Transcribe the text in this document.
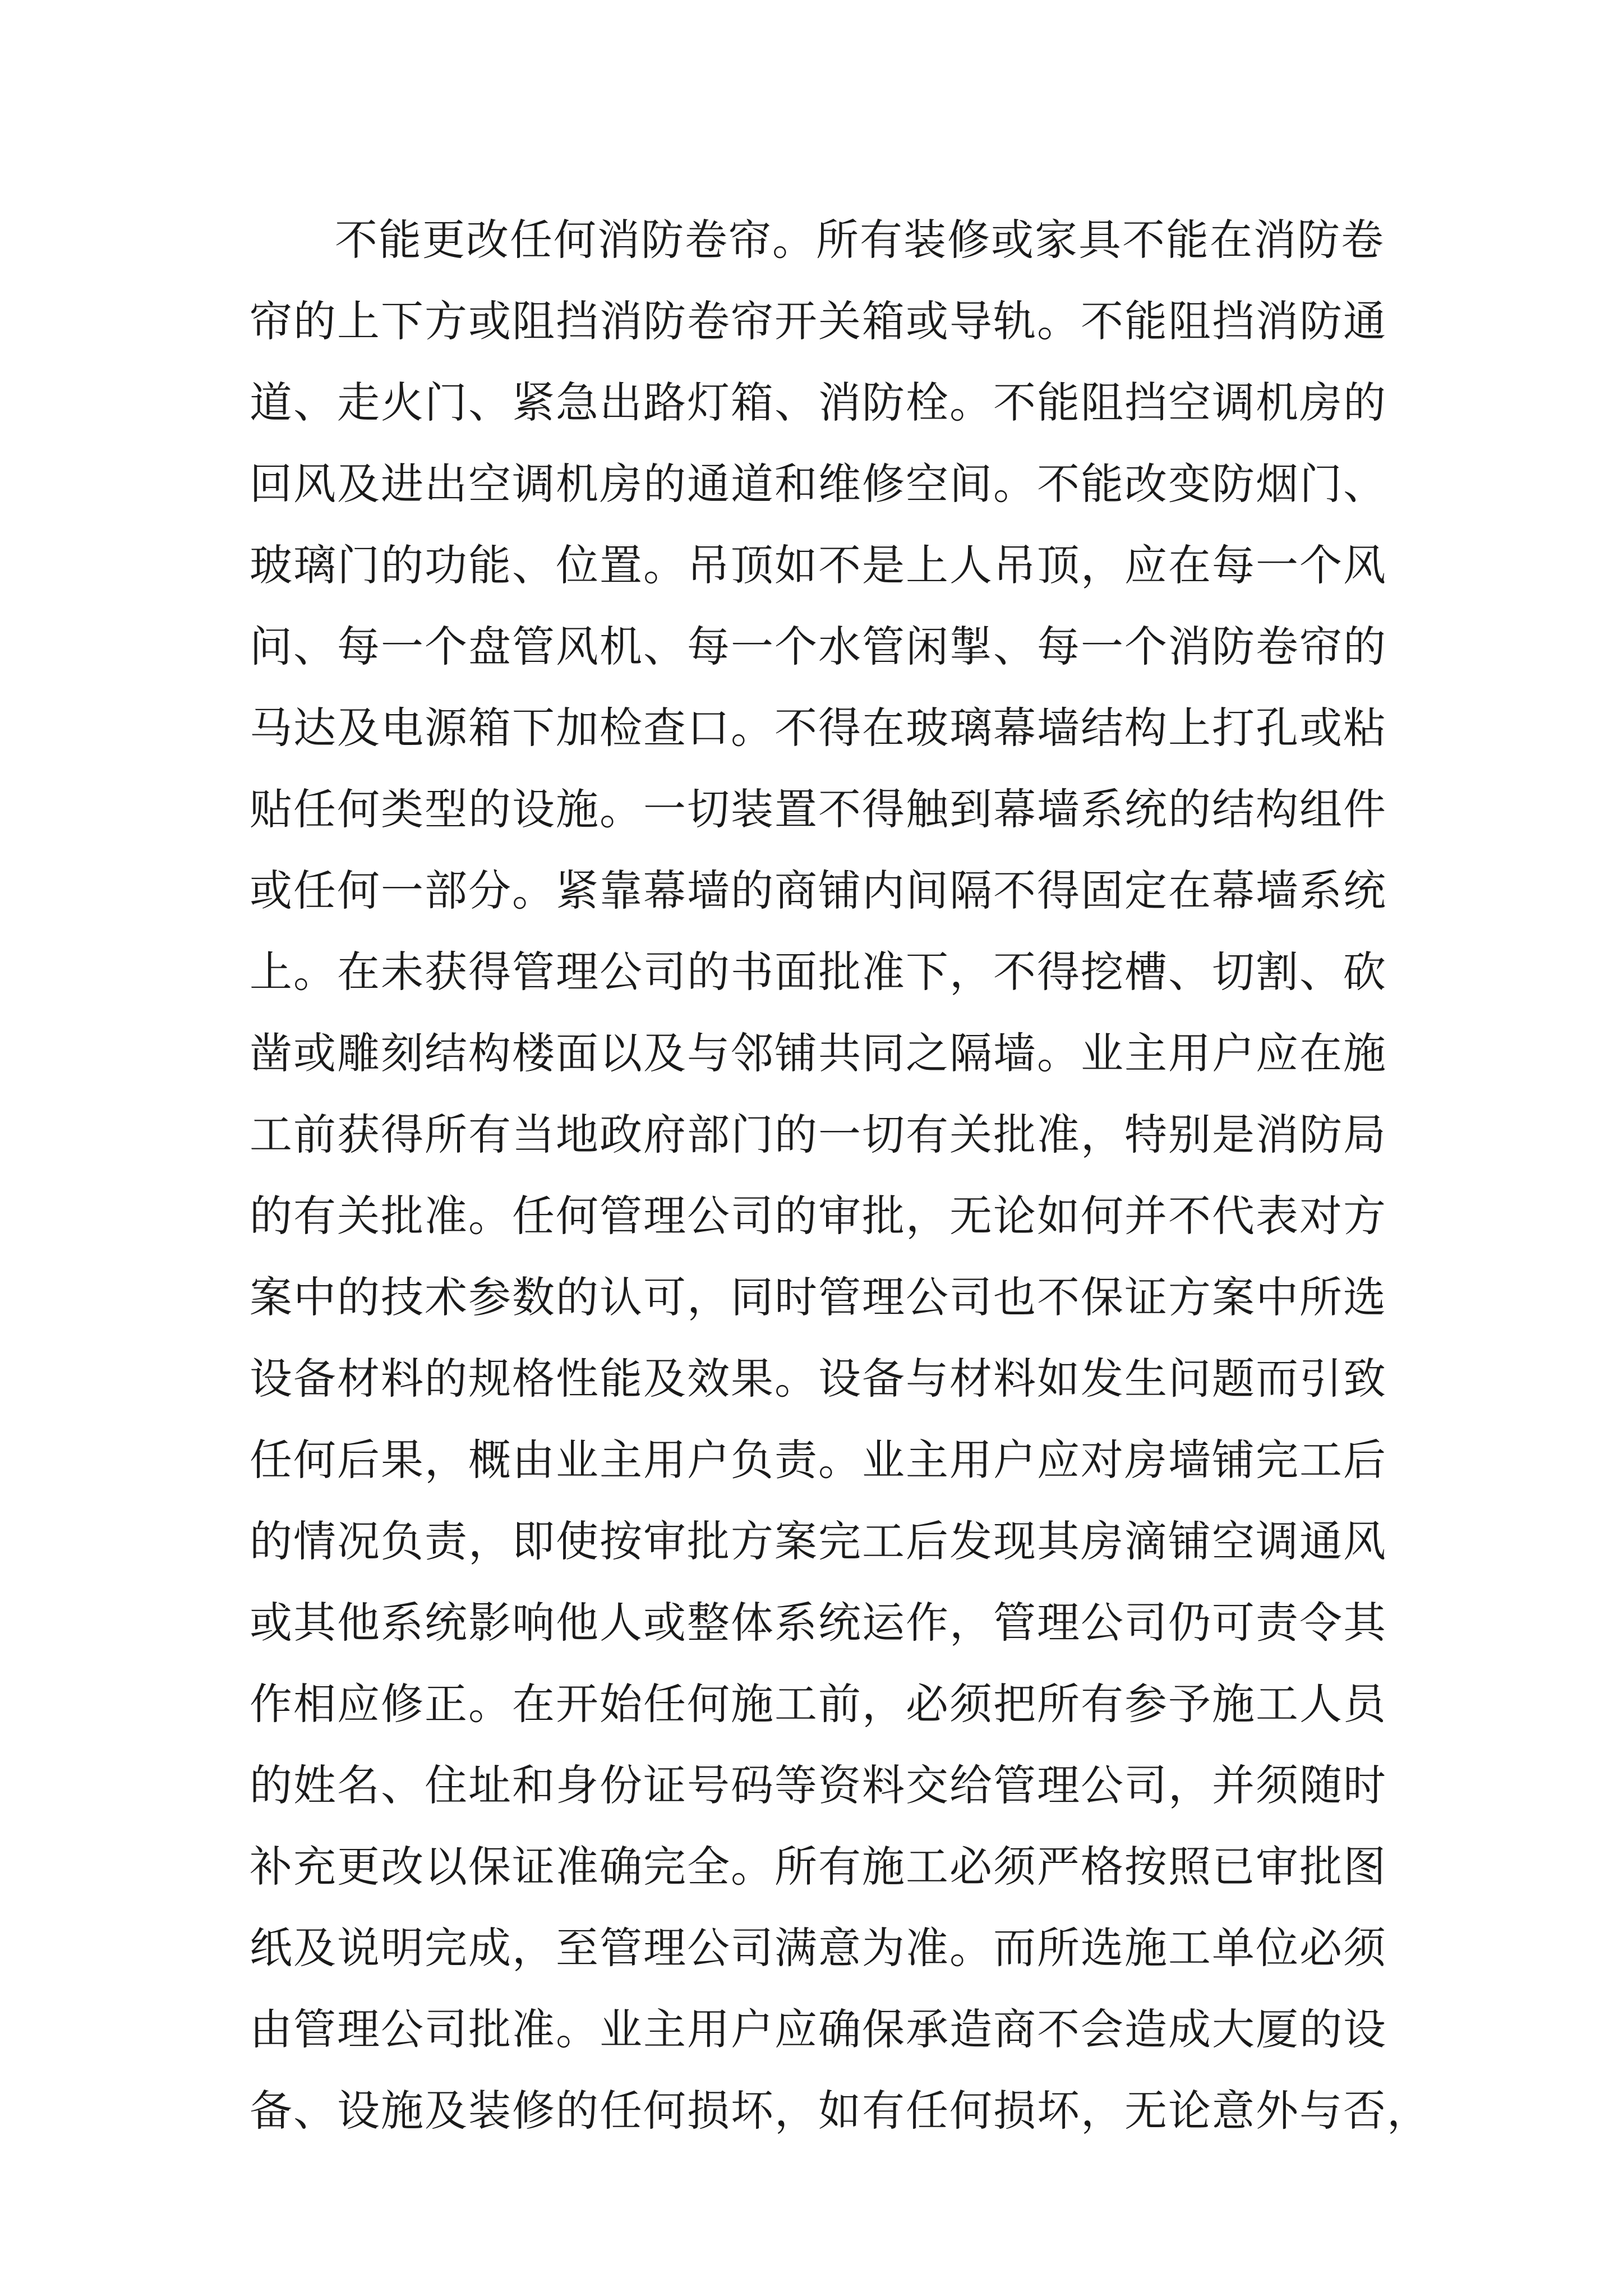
不能更改任何消防卷帘。所有装修或家具不能在消防卷
帘的上下方或阻挡消防卷帘开关箱或导轨。不能阻挡消防通
道、走火门、紧急出路灯箱、消防栓。不能阻挡空调机房的
回风及进出空调机房的通道和维修空间。不能改变防烟门、
玻璃门的功能、位置。吊顶如不是上人吊顶，应在每一个风
问、每一个盘管风机、每一个水管闲掣、每一个消防卷帘的
马达及电源箱下加检查口。不得在玻璃幕墙结构上打孔或粘
贴任何类型的设施。一切装置不得触到幕墙系统的结构组件
或任何一部分。紧靠幕墙的商铺内间隔不得固定在幕墙系统
上。在未获得管理公司的书面批准下，不得挖槽、切割、砍
凿或雕刻结构楼面以及与邻铺共同之隔墙。业主用户应在施
工前获得所有当地政府部门的一切有关批准，特别是消防局
的有关批准。任何管理公司的审批，无论如何并不代表对方
案中的技术参数的认可，同时管理公司也不保证方案中所选
设备材料的规格性能及效果。设备与材料如发生问题而引致
任何后果，概由业主用户负责。业主用户应对房墙铺完工后
的情况负责，即使按审批方案完工后发现其房滴铺空调通风
或其他系统影响他人或整体系统运作，管理公司仍可责令其
作相应修正。在开始任何施工前，必须把所有参予施工人员
的姓名、住址和身份证号码等资料交给管理公司，并须随时
补充更改以保证准确完全。所有施工必须严格按照已审批图
纸及说明完成，至管理公司满意为准。而所选施工单位必须
由管理公司批准。业主用户应确保承造商不会造成大厦的设
备、设施及装修的任何损坏，如有任何损坏，无论意外与否，
